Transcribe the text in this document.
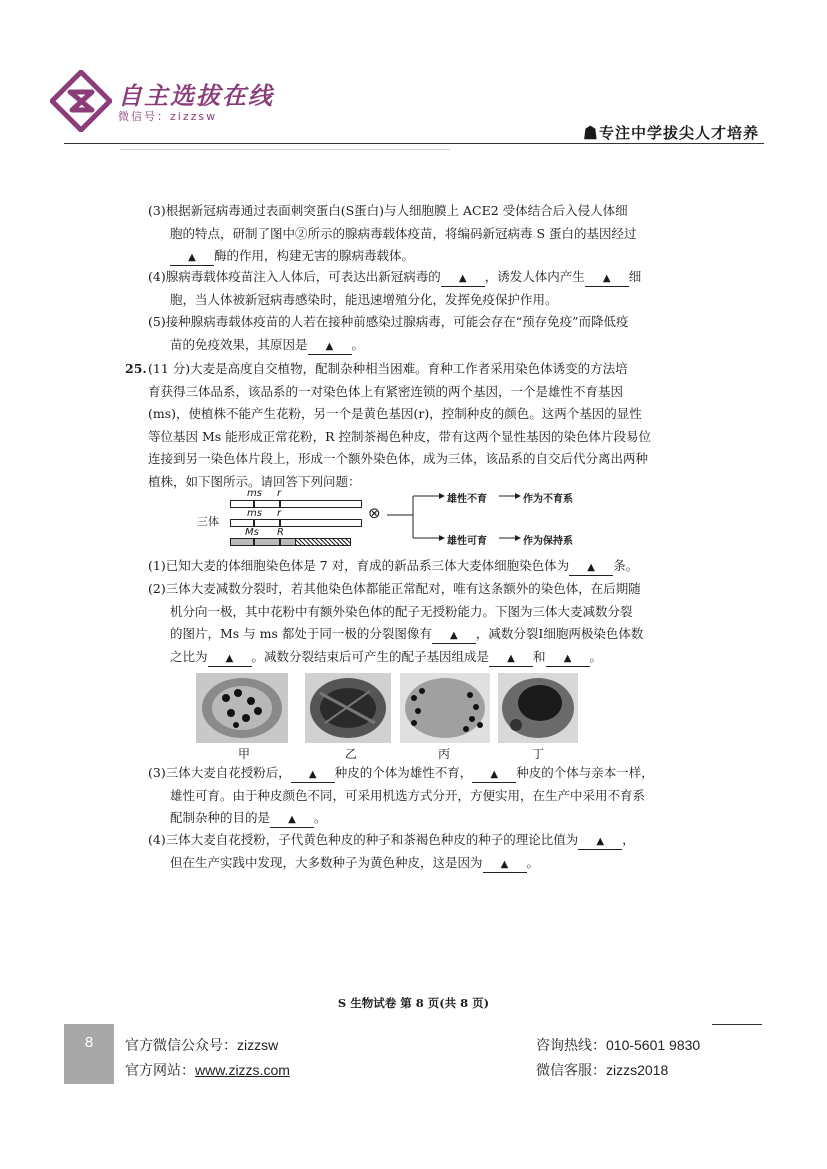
自主选拔在线
微信号：zizzsw
☗专注中学拔尖人才培养
(3)根据新冠病毒通过表面刺突蛋白(S蛋白)与人细胞膜上 ACE2 受体结合后入侵人体细
胞的特点，研制了图中②所示的腺病毒载体疫苗，将编码新冠病毒 S 蛋白的基因经过
▲ 酶的作用，构建无害的腺病毒载体。
(4)腺病毒载体疫苗注入人体后，可表达出新冠病毒的 ▲ ，诱发人体内产生 ▲ 细
胞，当人体被新冠病毒感染时，能迅速增殖分化，发挥免疫保护作用。
(5)接种腺病毒载体疫苗的人若在接种前感染过腺病毒，可能会存在“预存免疫”而降低疫
苗的免疫效果，其原因是 ▲ 。
25. (11 分)大麦是高度自交植物，配制杂种相当困难。育种工作者采用染色体诱变的方法培
育获得三体品系，该品系的一对染色体上有紧密连锁的两个基因，一个是雄性不育基因
(ms)，使植株不能产生花粉，另一个是黄色基因(r)，控制种皮的颜色。这两个基因的显性
等位基因 Ms 能形成正常花粉，R 控制茶褐色种皮，带有这两个显性基因的染色体片段易位
连接到另一染色体片段上，形成一个额外染色体，成为三体，该品系的自交后代分离出两种
植株，如下图所示。请回答下列问题：
三体
ms r
ms r
Ms R
⊗
雄性不育	作为不育系
雄性可育	作为保持系
(1)已知大麦的体细胞染色体是 7 对，育成的新品系三体大麦体细胞染色体为 ▲ 条。
(2)三体大麦减数分裂时，若其他染色体都能正常配对，唯有这条额外的染色体，在后期随
机分向一极，其中花粉中有额外染色体的配子无授粉能力。下图为三体大麦减数分裂
的图片，Ms 与 ms 都处于同一极的分裂图像有 ▲ ，减数分裂Ⅰ细胞两极染色体数
之比为 ▲ 。减数分裂结束后可产生的配子基因组成是 ▲ 和 ▲ 。
甲	乙	丙	丁
(3)三体大麦自花授粉后， ▲ 种皮的个体为雄性不育， ▲ 种皮的个体与亲本一样，
雄性可育。由于种皮颜色不同，可采用机选方式分开，方便实用，在生产中采用不育系
配制杂种的目的是 ▲ 。
(4)三体大麦自花授粉，子代黄色种皮的种子和茶褐色种皮的种子的理论比值为 ▲ ，
但在生产实践中发现，大多数种子为黄色种皮，这是因为 ▲ 。
S 生物试卷 第 8 页(共 8 页)
8	官方微信公众号：zizzsw
官方网站：www.zizzs.com
咨询热线：010-5601 9830
微信客服：zizzs2018
